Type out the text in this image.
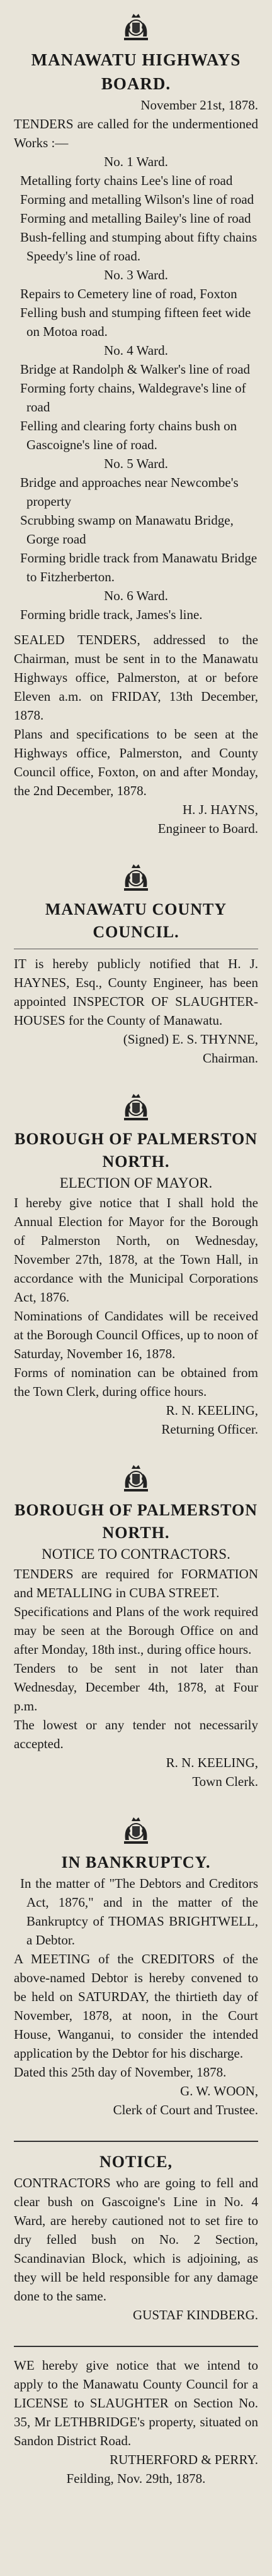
MANAWATU HIGHWAYS BOARD.

November 21st, 1878.

TENDERS are called for the undermentioned Works :—

No. 1 Ward.

Metalling forty chains Lee's line of road

Forming and metalling Wilson's line of road

Forming and metalling Bailey's line of road

Bush-felling and stumping about fifty chains Speedy's line of road.

No. 3 Ward.

Repairs to Cemetery line of road, Foxton

Felling bush and stumping fifteen feet wide on Motoa road.

No. 4 Ward.

Bridge at Randolph & Walker's line of road

Forming forty chains, Waldegrave's line of road

Felling and clearing forty chains bush on Gascoigne's line of road.

No. 5 Ward.

Bridge and approaches near Newcombe's property

Scrubbing swamp on Manawatu Bridge, Gorge road

Forming bridle track from Manawatu Bridge to Fitzherberton.

No. 6 Ward.

Forming bridle track, James's line.

SEALED TENDERS, addressed to the Chairman, must be sent in to the Manawatu Highways office, Palmerston, at or before Eleven a.m. on FRIDAY, 13th December, 1878.

Plans and specifications to be seen at the Highways office, Palmerston, and County Council office, Foxton, on and after Monday, the 2nd December, 1878.

H. J. HAYNS,

Engineer to Board.

MANAWATU COUNTY COUNCIL.

IT is hereby publicly notified that H. J. HAYNES, Esq., County Engineer, has been appointed INSPECTOR OF SLAUGHTER-HOUSES for the County of Manawatu.

(Signed) E. S. THYNNE,

Chairman.

BOROUGH OF PALMERSTON NORTH.

ELECTION OF MAYOR.

I hereby give notice that I shall hold the Annual Election for Mayor for the Borough of Palmerston North, on Wednesday, November 27th, 1878, at the Town Hall, in accordance with the Municipal Corporations Act, 1876.

Nominations of Candidates will be received at the Borough Council Offices, up to noon of Saturday, November 16, 1878.

Forms of nomination can be obtained from the Town Clerk, during office hours.

R. N. KEELING,

Returning Officer.

BOROUGH OF PALMERSTON NORTH.

NOTICE TO CONTRACTORS.

TENDERS are required for FORMATION and METALLING in CUBA STREET.

Specifications and Plans of the work required may be seen at the Borough Office on and after Monday, 18th inst., during office hours.

Tenders to be sent in not later than Wednesday, December 4th, 1878, at Four p.m.

The lowest or any tender not necessarily accepted.

R. N. KEELING,

Town Clerk.

IN BANKRUPTCY.

In the matter of "The Debtors and Creditors Act, 1876," and in the matter of the Bankruptcy of THOMAS BRIGHTWELL, a Debtor.

A MEETING of the CREDITORS of the above-named Debtor is hereby convened to be held on SATURDAY, the thirtieth day of November, 1878, at noon, in the Court House, Wanganui, to consider the intended application by the Debtor for his discharge.

Dated this 25th day of November, 1878.

G. W. WOON,

Clerk of Court and Trustee.

NOTICE,

CONTRACTORS who are going to fell and clear bush on Gascoigne's Line in No. 4 Ward, are hereby cautioned not to set fire to dry felled bush on No. 2 Section, Scandinavian Block, which is adjoining, as they will be held responsible for any damage done to the same.

GUSTAF KINDBERG.

WE hereby give notice that we intend to apply to the Manawatu County Council for a LICENSE to SLAUGHTER on Section No. 35, Mr LETHBRIDGE's property, situated on Sandon District Road.

RUTHERFORD & PERRY.

Feilding, Nov. 29th, 1878.
